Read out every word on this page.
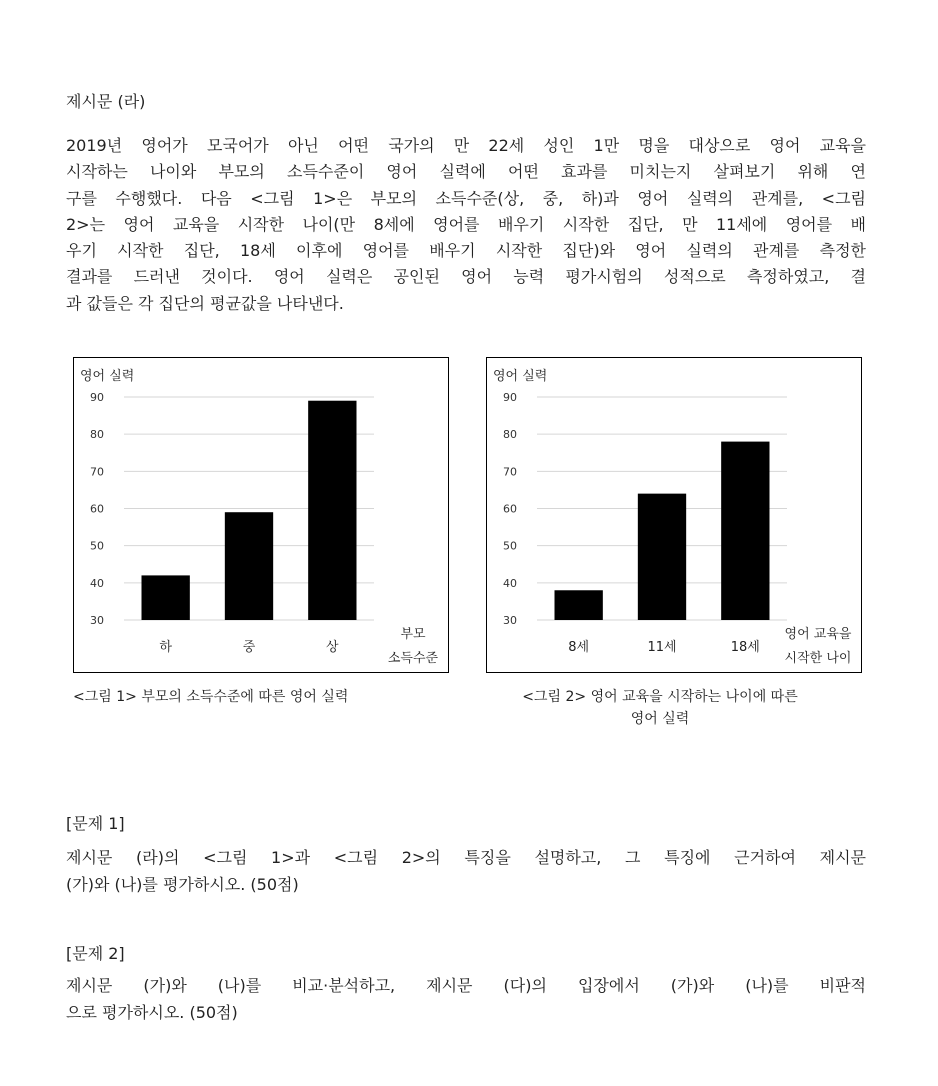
제시문 (라)

2019년 영어가 모국어가 아닌 어떤 국가의 만 22세 성인 1만 명을 대상으로 영어 교육을
시작하는 나이와 부모의 소득수준이 영어 실력에 어떤 효과를 미치는지 살펴보기 위해 연
구를 수행했다. 다음 <그림 1>은 부모의 소득수준(상, 중, 하)과 영어 실력의 관계를, <그림
2>는 영어 교육을 시작한 나이(만 8세에 영어를 배우기 시작한 집단, 만 11세에 영어를 배
우기 시작한 집단, 18세 이후에 영어를 배우기 시작한 집단)와 영어 실력의 관계를 측정한
결과를 드러낸 것이다. 영어 실력은 공인된 영어 능력 평가시험의 성적으로 측정하였고, 결
과 값들은 각 집단의 평균값을 나타낸다.

영어 실력
30
40
50
60
70
80
90
하	중	상
부모
소득수준
영어 실력
30
40
50
60
70
80
90
8세	11세	18세
영어 교육을
시작한 나이

<그림 1> 부모의 소득수준에 따른 영어 실력	<그림 2> 영어 교육을 시작하는 나이에 따른
영어 실력

[문제 1]

제시문 (라)의 <그림 1>과 <그림 2>의 특징을 설명하고, 그 특징에 근거하여 제시문
(가)와 (나)를 평가하시오. (50점)

[문제 2]

제시문 (가)와 (나)를 비교·분석하고, 제시문 (다)의 입장에서 (가)와 (나)를 비판적
으로 평가하시오. (50점)
